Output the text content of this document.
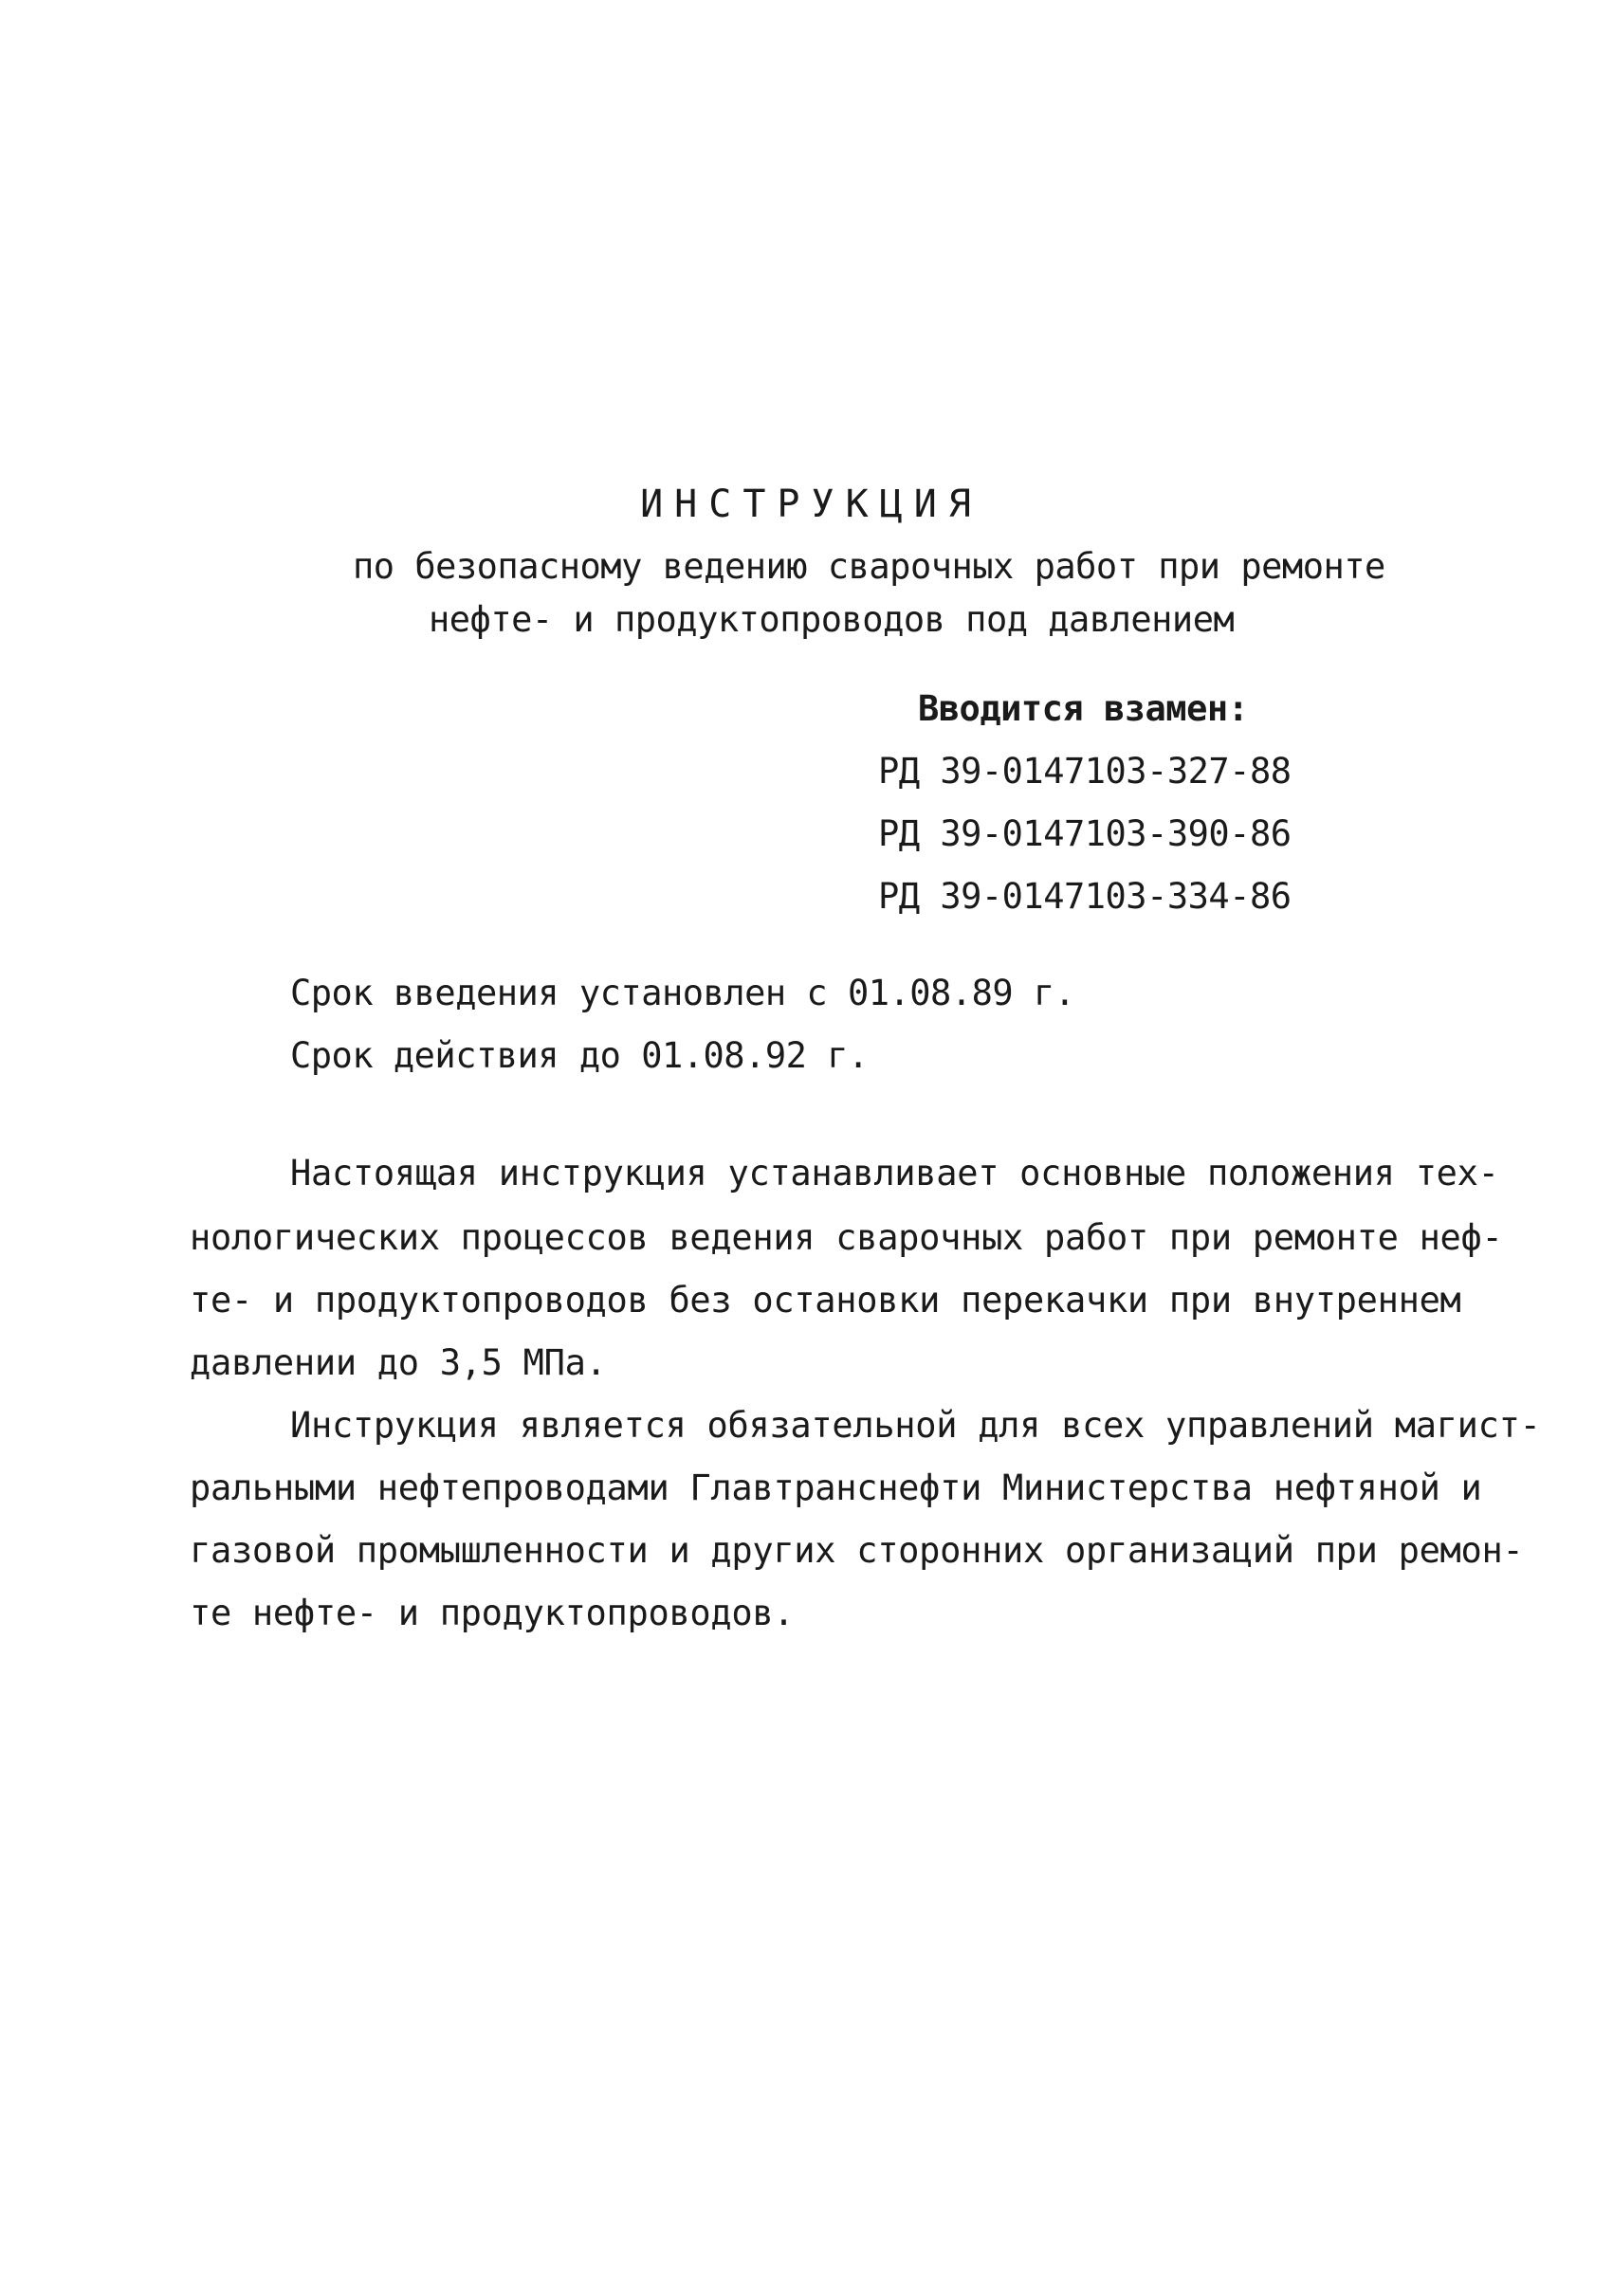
ИНСТРУКЦИЯ
по безопасному ведению сварочных работ при ремонте
нефте- и продуктопроводов под давлением
Вводится взамен:
РД 39-0147103-327-88
РД 39-0147103-390-86
РД 39-0147103-334-86
Срок введения установлен с 01.08.89 г.
Срок действия до 01.08.92 г.
Настоящая инструкция устанавливает основные положения тех-
нологических процессов ведения сварочных работ при ремонте неф-
те- и продуктопроводов без остановки перекачки при внутреннем
давлении до 3,5 МПа.
Инструкция является обязательной для всех управлений магист-
ральными нефтепроводами Главтранснефти Министерства нефтяной и
газовой промышленности и других сторонних организаций при ремон-
те нефте- и продуктопроводов.
